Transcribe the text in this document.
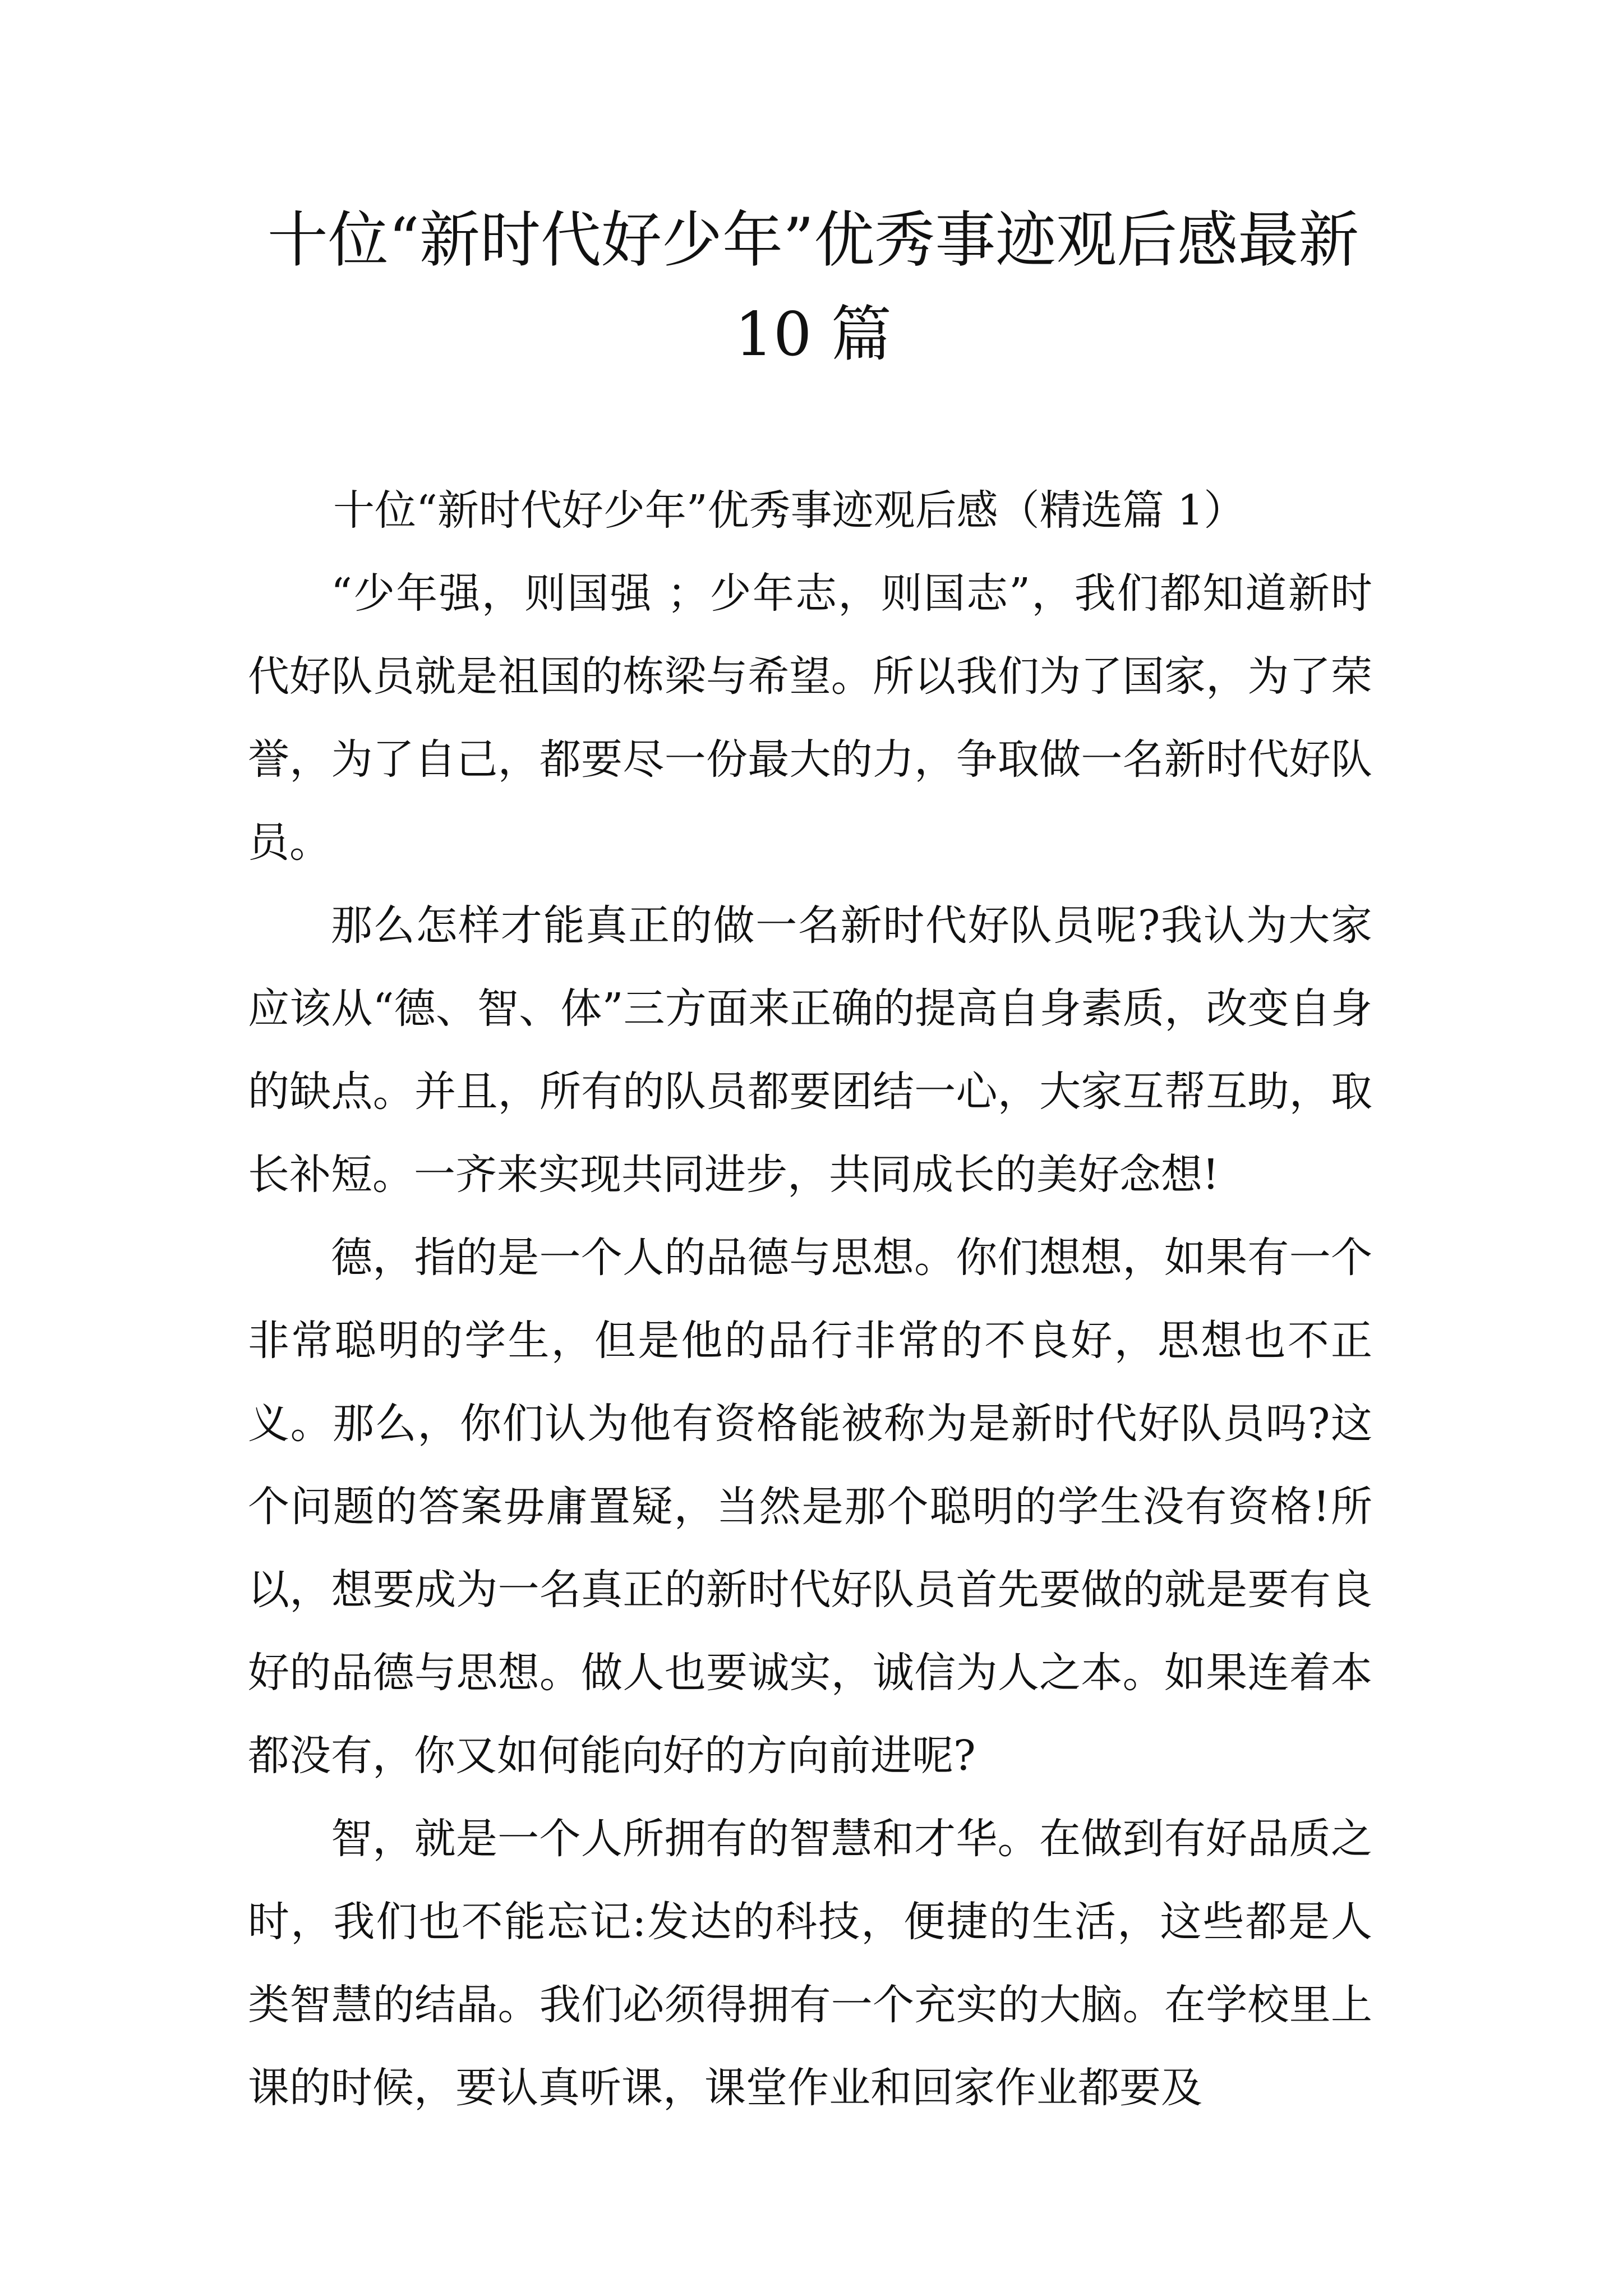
十位“新时代好少年”优秀事迹观后感最新
10 篇

十位“新时代好少年”优秀事迹观后感（精选篇 1）

“少年强，则国强 ；少年志，则国志”，我们都知道新时代好队员就是祖国的栋梁与希望。所以我们为了国家，为了荣誉，为了自己，都要尽一份最大的力，争取做一名新时代好队员。

那么怎样才能真正的做一名新时代好队员呢?我认为大家应该从“德、智、体”三方面来正确的提高自身素质，改变自身的缺点。并且，所有的队员都要团结一心，大家互帮互助，取长补短。一齐来实现共同进步，共同成长的美好念想!

德，指的是一个人的品德与思想。你们想想，如果有一个非常聪明的学生，但是他的品行非常的不良好，思想也不正义。那么，你们认为他有资格能被称为是新时代好队员吗?这个问题的答案毋庸置疑，当然是那个聪明的学生没有资格!所以，想要成为一名真正的新时代好队员首先要做的就是要有良好的品德与思想。做人也要诚实，诚信为人之本。如果连着本都没有，你又如何能向好的方向前进呢?

智，就是一个人所拥有的智慧和才华。在做到有好品质之时，我们也不能忘记:发达的科技，便捷的生活，这些都是人类智慧的结晶。我们必须得拥有一个充实的大脑。在学校里上课的时候，要认真听课，课堂作业和回家作业都要及
